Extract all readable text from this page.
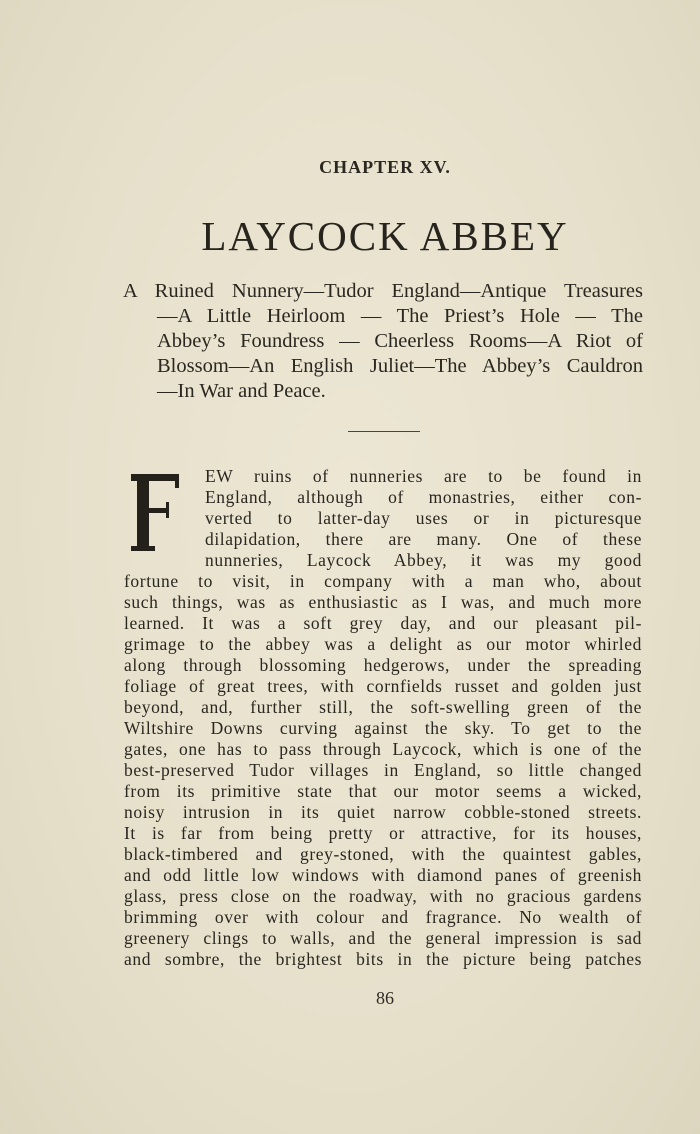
CHAPTER XV.
LAYCOCK ABBEY
A Ruined Nunnery—Tudor England—Antique Treasures
—A Little Heirloom — The Priest’s Hole — The
Abbey’s Foundress — Cheerless Rooms—A Riot of
Blossom—An English Juliet—The Abbey’s Cauldron
—In War and Peace.
EW ruins of nunneries are to be found in
England, although of monastries, either con-
verted to latter-day uses or in picturesque
dilapidation, there are many. One of these
nunneries, Laycock Abbey, it was my good
fortune to visit, in company with a man who, about
such things, was as enthusiastic as I was, and much more
learned. It was a soft grey day, and our pleasant pil-
grimage to the abbey was a delight as our motor whirled
along through blossoming hedgerows, under the spreading
foliage of great trees, with cornfields russet and golden just
beyond, and, further still, the soft-swelling green of the
Wiltshire Downs curving against the sky. To get to the
gates, one has to pass through Laycock, which is one of the
best-preserved Tudor villages in England, so little changed
from its primitive state that our motor seems a wicked,
noisy intrusion in its quiet narrow cobble-stoned streets.
It is far from being pretty or attractive, for its houses,
black-timbered and grey-stoned, with the quaintest gables,
and odd little low windows with diamond panes of greenish
glass, press close on the roadway, with no gracious gardens
brimming over with colour and fragrance. No wealth of
greenery clings to walls, and the general impression is sad
and sombre, the brightest bits in the picture being patches
86
